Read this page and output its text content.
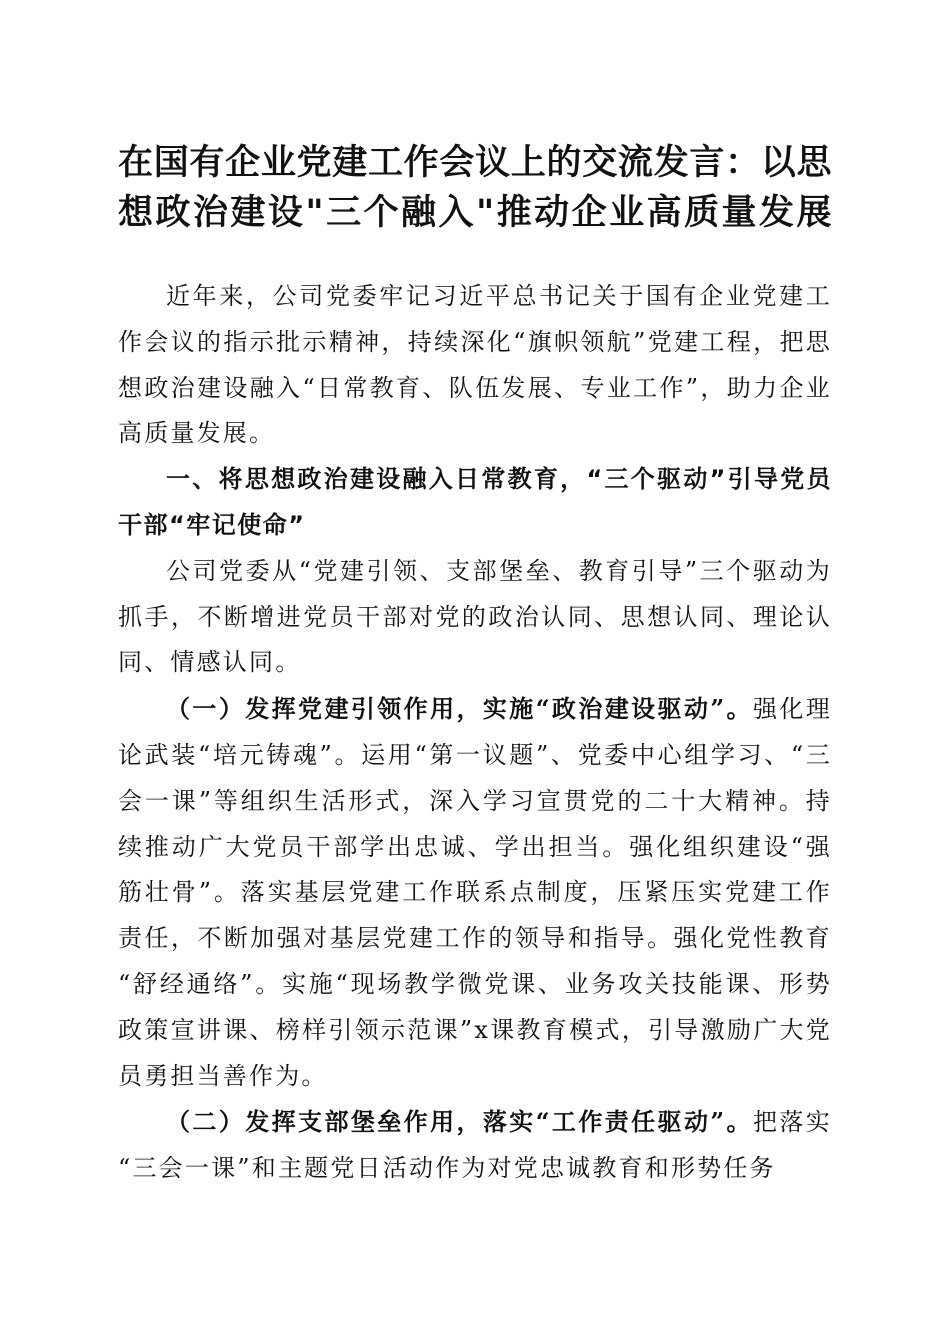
在国有企业党建工作会议上的交流发言：以思
想政治建设"三个融入"推动企业高质量发展

近年来，公司党委牢记习近平总书记关于国有企业党建工作会议的指示批示精神，持续深化“旗帜领航”党建工程，把思想政治建设融入“日常教育、队伍发展、专业工作”，助力企业高质量发展。

一、将思想政治建设融入日常教育，“三个驱动”引导党员干部“牢记使命”

公司党委从“党建引领、支部堡垒、教育引导”三个驱动为抓手，不断增进党员干部对党的政治认同、思想认同、理论认同、情感认同。

（一）发挥党建引领作用，实施“政治建设驱动”。强化理论武装“培元铸魂”。运用“第一议题”、党委中心组学习、“三会一课”等组织生活形式，深入学习宣贯党的二十大精神。持续推动广大党员干部学出忠诚、学出担当。强化组织建设“强筋壮骨”。落实基层党建工作联系点制度，压紧压实党建工作责任，不断加强对基层党建工作的领导和指导。强化党性教育“舒经通络”。实施“现场教学微党课、业务攻关技能课、形势政策宣讲课、榜样引领示范课”x课教育模式，引导激励广大党员勇担当善作为。

（二）发挥支部堡垒作用，落实“工作责任驱动”。把落实“三会一课”和主题党日活动作为对党忠诚教育和形势任务
